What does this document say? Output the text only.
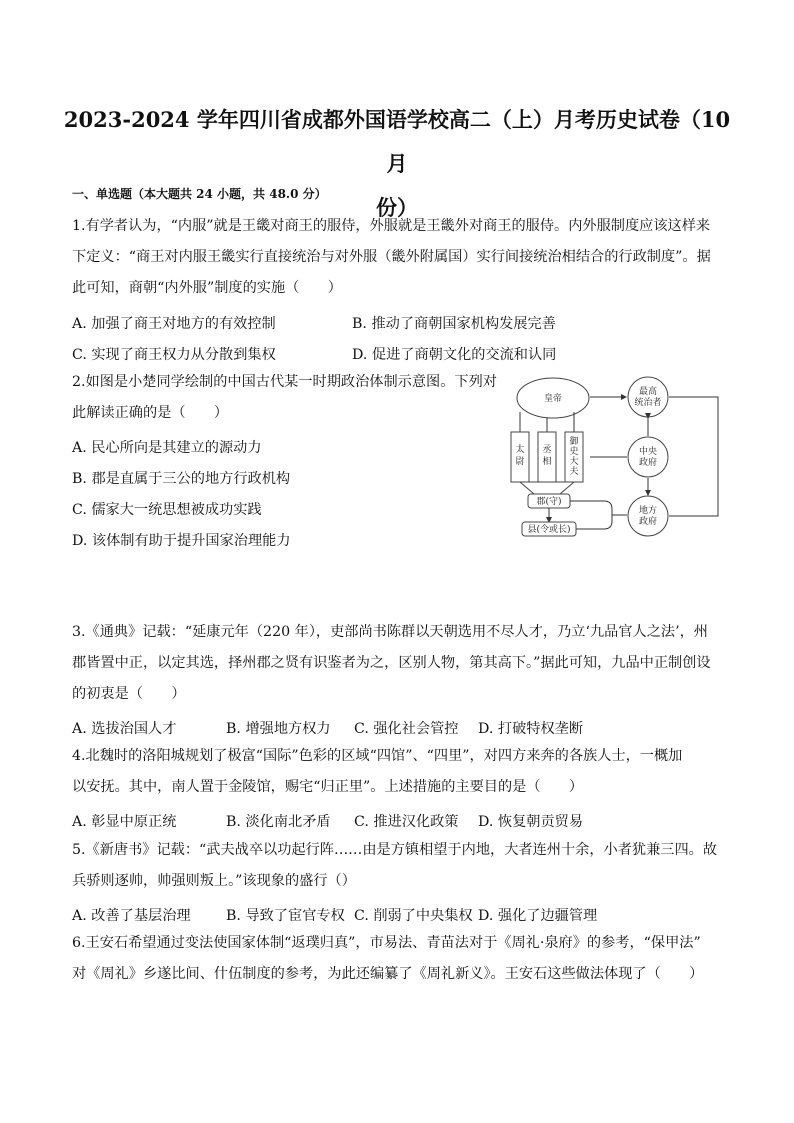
2023-2024 学年四川省成都外国语学校高二（上）月考历史试卷（10 月
份）
一、单选题（本大题共 24 小题，共 48.0 分）
1.有学者认为，“内服”就是王畿对商王的服侍，外服就是王畿外对商王的服侍。内外服制度应该这样来
下定义：“商王对内服王畿实行直接统治与对外服（畿外附属国）实行间接统治相结合的行政制度”。据
此可知，商朝“内外服”制度的实施（　　）
A. 加强了商王对地方的有效控制	B. 推动了商朝国家机构发展完善
C. 实现了商王权力从分散到集权	D. 促进了商朝文化的交流和认同
2.如图是小楚同学绘制的中国古代某一时期政治体制示意图。下列对
此解读正确的是（　　）
A. 民心所向是其建立的源动力
B. 郡是直属于三公的地方行政机构
C. 儒家大一统思想被成功实践
D. 该体制有助于提升国家治理能力
皇帝
最高
统治者
太
尉
丞
相
御
史
大
夫
郡(守)
县(令或长)
中央
政府
地方
政府
3.《通典》记载：“延康元年（220 年），吏部尚书陈群以天朝选用不尽人才，乃立‘九品官人之法’，州
郡皆置中正，以定其选，择州郡之贤有识鉴者为之，区别人物，第其高下。”据此可知，九品中正制创设
的初衷是（　　）
A. 选拔治国人才	B. 增强地方权力 C. 强化社会管控 D. 打破特权垄断
4.北魏时的洛阳城规划了极富“国际”色彩的区域“四馆”、“四里”，对四方来奔的各族人士，一概加
以安抚。其中，南人置于金陵馆，赐宅“归正里”。上述措施的主要目的是（　　）
A. 彰显中原正统	B. 淡化南北矛盾 C. 推进汉化政策 D. 恢复朝贡贸易
5.《新唐书》记载：“武夫战卒以功起行阵……由是方镇相望于内地，大者连州十余，小者犹兼三四。故
兵骄则逐帅，帅强则叛上。”该现象的盛行（）
A. 改善了基层治理 B. 导致了宦官专权 C. 削弱了中央集权 D. 强化了边疆管理
6.王安石希望通过变法使国家体制“返璞归真”，市易法、青苗法对于《周礼·泉府》的参考，“保甲法”
对《周礼》乡遂比间、什伍制度的参考，为此还编纂了《周礼新义》。王安石这些做法体现了（　　）
